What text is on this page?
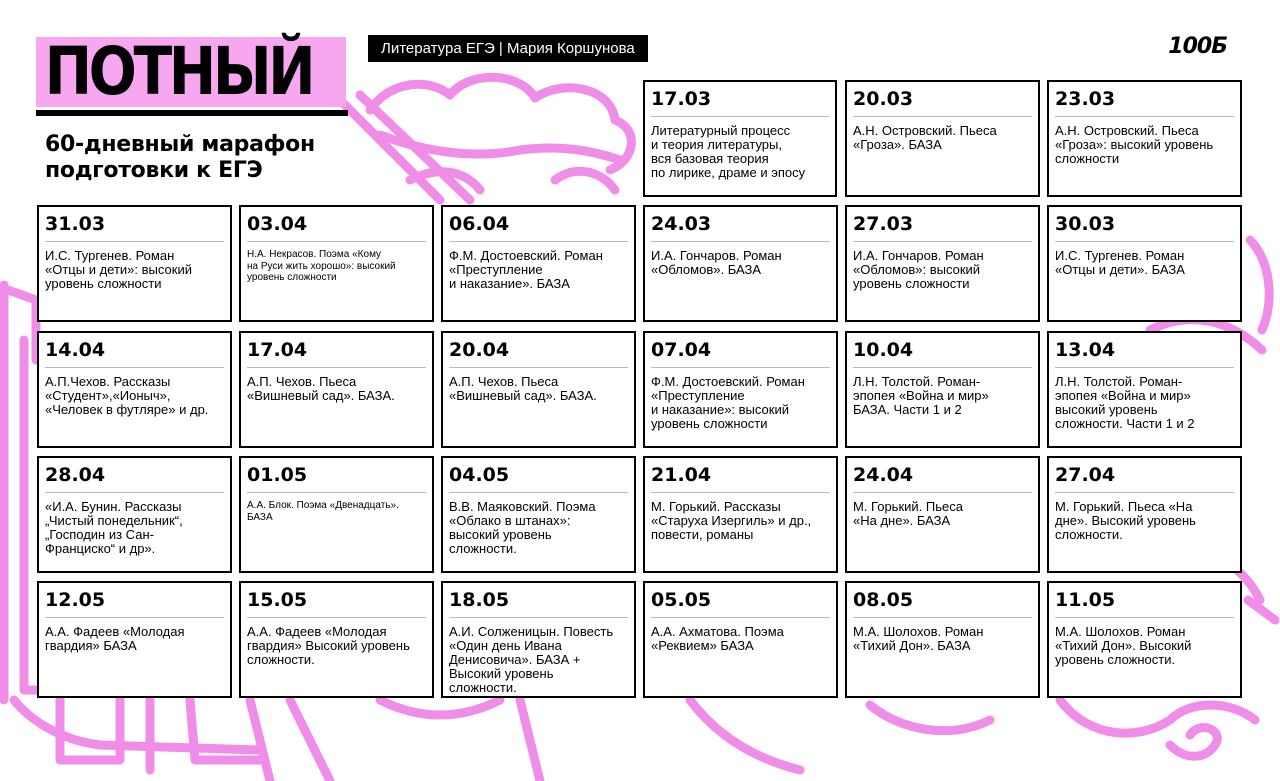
ПОТНЫЙ
60-дневный марафон
подготовки к ЕГЭ
Литература ЕГЭ | Мария Коршунова	100Б
17.03
Литературный процесс
и теория литературы,
вся базовая теория
по лирике, драме и эпосу
20.03
А.Н. Островский. Пьеса
«Гроза». БАЗА
23.03
А.Н. Островский. Пьеса
«Гроза»: высокий уровень
сложности
31.03
И.С. Тургенев. Роман
«Отцы и дети»: высокий
уровень сложности
03.04
Н.А. Некрасов. Поэма «Кому
на Руси жить хорошо»: высокий
уровень сложности
06.04
Ф.М. Достоевский. Роман
«Преступление
и наказание». БАЗА
24.03
И.А. Гончаров. Роман
«Обломов». БАЗА
27.03
И.А. Гончаров. Роман
«Обломов»: высокий
уровень сложности
30.03
И.С. Тургенев. Роман
«Отцы и дети». БАЗА
14.04
А.П.Чехов. Рассказы
«Студент»,«Ионыч»,
«Человек в футляре» и др.
17.04
А.П. Чехов. Пьеса
«Вишневый сад». БАЗА.
20.04
А.П. Чехов. Пьеса
«Вишневый сад». БАЗА.
07.04
Ф.М. Достоевский. Роман
«Преступление
и наказание»: высокий
уровень сложности
10.04
Л.Н. Толстой. Роман-
эпопея «Война и мир»
БАЗА. Части 1 и 2
13.04
Л.Н. Толстой. Роман-
эпопея «Война и мир»
высокий уровень
сложности. Части 1 и 2
28.04
«И.А. Бунин. Рассказы
„Чистый понедельник“,
„Господин из Сан-
Франциско“ и др».
01.05
А.А. Блок. Поэма «Двенадцать».
БАЗА
04.05
В.В. Маяковский. Поэма
«Облако в штанах»:
высокий уровень
сложности.
21.04
М. Горький. Рассказы
«Старуха Изергиль» и др.,
повести, романы
24.04
М. Горький. Пьеса
«На дне». БАЗА
27.04
М. Горький. Пьеса «На
дне». Высокий уровень
сложности.
12.05
А.А. Фадеев «Молодая
гвардия» БАЗА
15.05
А.А. Фадеев «Молодая
гвардия» Высокий уровень
сложности.
18.05
А.И. Солженицын. Повесть
«Один день Ивана
Денисовича». БАЗА +
Высокий уровень
сложности.
05.05
А.А. Ахматова. Поэма
«Реквием» БАЗА
08.05
М.А. Шолохов. Роман
«Тихий Дон». БАЗА
11.05
М.А. Шолохов. Роман
«Тихий Дон». Высокий
уровень сложности.
